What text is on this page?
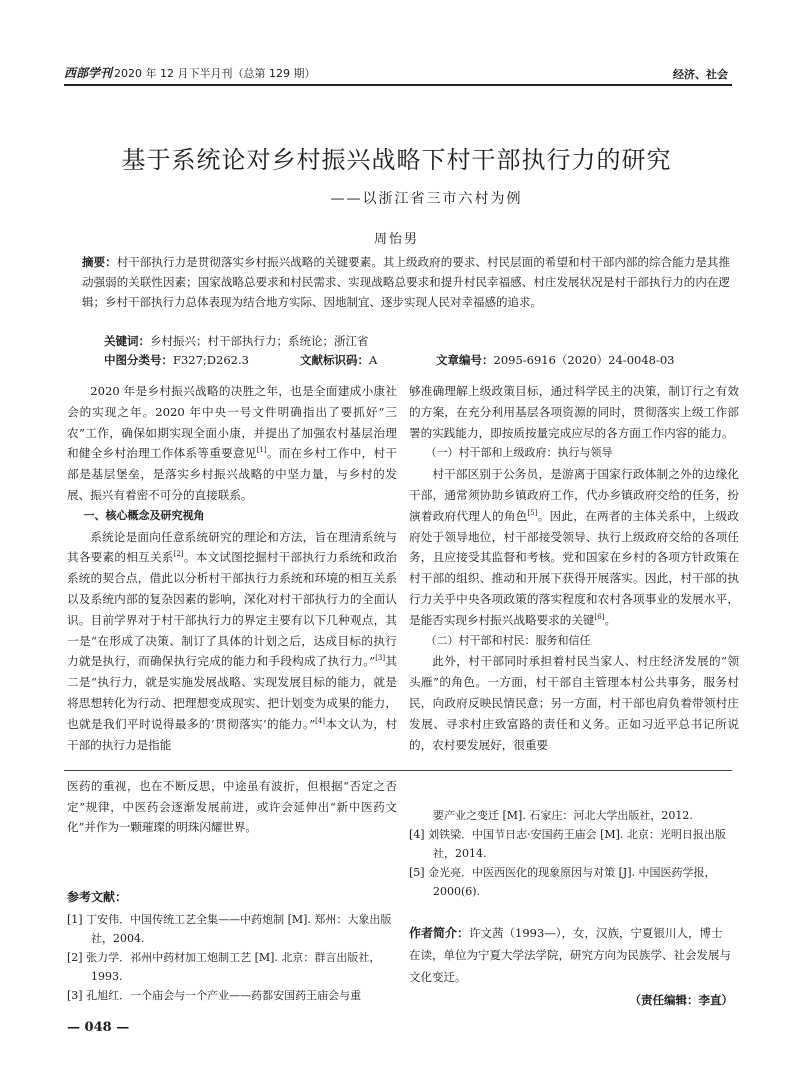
西部学刊 2020 年 12 月下半月刊（总第 129 期）	经济、社会
基于系统论对乡村振兴战略下村干部执行力的研究
——以浙江省三市六村为例
周怡男
摘要：村干部执行力是贯彻落实乡村振兴战略的关键要素。其上级政府的要求、村民层面的希望和村干部内部的综合能力是其推动强弱的关联性因素；国家战略总要求和村民需求、实现战略总要求和提升村民幸福感、村庄发展状况是村干部执行力的内在逻辑；乡村干部执行力总体表现为结合地方实际、因地制宜、逐步实现人民对幸福感的追求。
关键词：乡村振兴；村干部执行力；系统论；浙江省
中图分类号：F327;D262.3	文献标识码：A	文章编号：2095-6916（2020）24-0048-03

2020 年是乡村振兴战略的决胜之年，也是全面建成小康社会的实现之年。2020 年中央一号文件明确指出了要抓好“三农”工作，确保如期实现全面小康，并提出了加强农村基层治理和健全乡村治理工作体系等重要意见[1]。而在乡村工作中，村干部是基层堡垒，是落实乡村振兴战略的中坚力量，与乡村的发展、振兴有着密不可分的直接联系。

一、核心概念及研究视角

系统论是面向任意系统研究的理论和方法，旨在理清系统与其各要素的相互关系[2]。本文试图挖掘村干部执行力系统和政治系统的契合点，借此以分析村干部执行力系统和环境的相互关系以及系统内部的复杂因素的影响，深化对村干部执行力的全面认识。目前学界对于村干部执行力的界定主要有以下几种观点，其一是“在形成了决策、制订了具体的计划之后，达成目标的执行力就是执行，而确保执行完成的能力和手段构成了执行力。”[3]其二是“执行力，就是实施发展战略、实现发展目标的能力，就是将思想转化为行动、把理想变成现实、把计划变为成果的能力，也就是我们平时说得最多的‘贯彻落实’的能力。”[4]本文认为，村干部的执行力是指能

够准确理解上级政策目标，通过科学民主的决策，制订行之有效的方案，在充分利用基层各项资源的同时，贯彻落实上级工作部署的实践能力，即按质按量完成应尽的各方面工作内容的能力。

（一）村干部和上级政府：执行与领导

村干部区别于公务员，是游离于国家行政体制之外的边缘化干部，通常须协助乡镇政府工作，代办乡镇政府交给的任务，扮演着政府代理人的角色[5]。因此，在两者的主体关系中，上级政府处于领导地位，村干部接受领导、执行上级政府交给的各项任务，且应接受其监督和考核。党和国家在乡村的各项方针政策在村干部的组织、推动和开展下获得开展落实。因此，村干部的执行力关乎中央各项政策的落实程度和农村各项事业的发展水平，是能否实现乡村振兴战略要求的关键[6]。

（二）村干部和村民：服务和信任

此外，村干部同时承担着村民当家人、村庄经济发展的“领头雁”的角色。一方面，村干部自主管理本村公共事务，服务村民，向政府反映民情民意；另一方面，村干部也肩负着带领村庄发展、寻求村庄致富路的责任和义务。正如习近平总书记所说的，农村要发展好，很重要

医药的重视，也在不断反思，中途虽有波折，但根据“否定之否定”规律，中医药会逐渐发展前进，或许会延伸出“新中医药文化”并作为一颗璀璨的明珠闪耀世界。

参考文献：

[1] 丁安伟．中国传统工艺全集——中药炮制 [M]. 郑州：大象出版社，2004.

[2] 张力学．祁州中药材加工炮制工艺 [M]. 北京：群言出版社，1993.

[3] 孔旭红．一个庙会与一个产业——药都安国药王庙会与重

要产业之变迁 [M]. 石家庄：河北大学出版社，2012.

[4] 刘铁梁．中国节日志·安国药王庙会 [M]. 北京：光明日报出版社，2014.

[5] 金光亮．中医西医化的现象原因与对策 [J]. 中国医药学报，2000(6).

作者简介：许文茜（1993—），女，汉族，宁夏银川人，博士在读，单位为宁夏大学法学院，研究方向为民族学、社会发展与文化变迁。
（责任编辑：李直）
— 048 —
